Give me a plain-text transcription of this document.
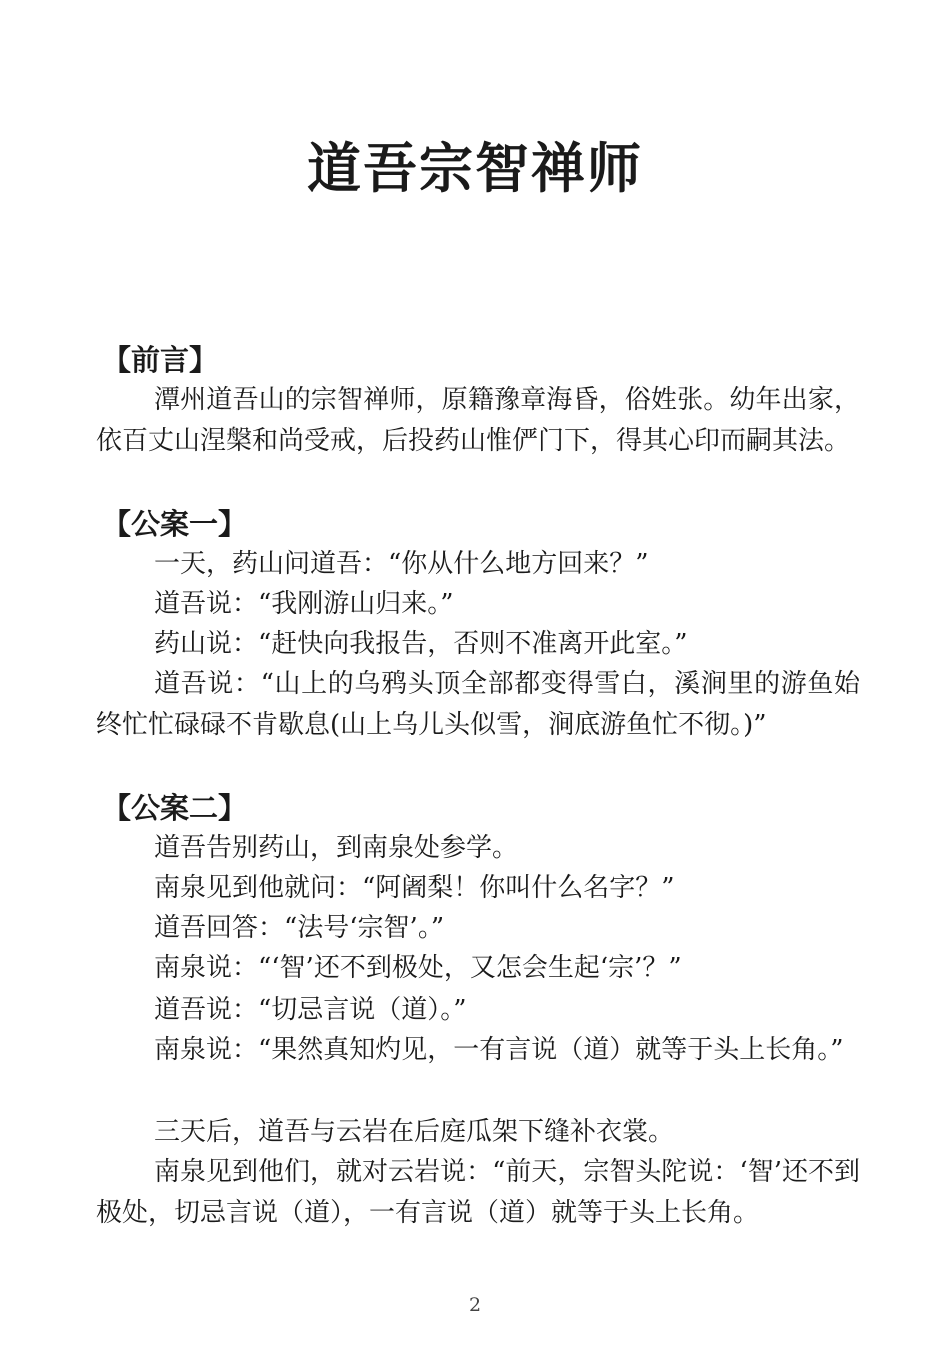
道吾宗智禅师
【前言】

潭州道吾山的宗智禅师，原籍豫章海昏，俗姓张。幼年出家，依百丈山涅槃和尚受戒，后投药山惟俨门下，得其心印而嗣其法。

【公案一】

一天，药山问道吾：“你从什么地方回来？”

道吾说：“我刚游山归来。”

药山说：“赶快向我报告，否则不准离开此室。”

道吾说：“山上的乌鸦头顶全部都变得雪白，溪涧里的游鱼始终忙忙碌碌不肯歇息(山上乌儿头似雪，涧底游鱼忙不彻。)”

【公案二】

道吾告别药山，到南泉处参学。

南泉见到他就问：“阿阇梨！你叫什么名字？”

道吾回答：“法号‘宗智’。”

南泉说：“‘智’还不到极处，又怎会生起‘宗’？”

道吾说：“切忌言说（道）。”

南泉说：“果然真知灼见，一有言说（道）就等于头上长角。”

三天后，道吾与云岩在后庭瓜架下缝补衣裳。

南泉见到他们，就对云岩说：“前天，宗智头陀说：‘智’还不到极处，切忌言说（道），一有言说（道）就等于头上长角。

2
